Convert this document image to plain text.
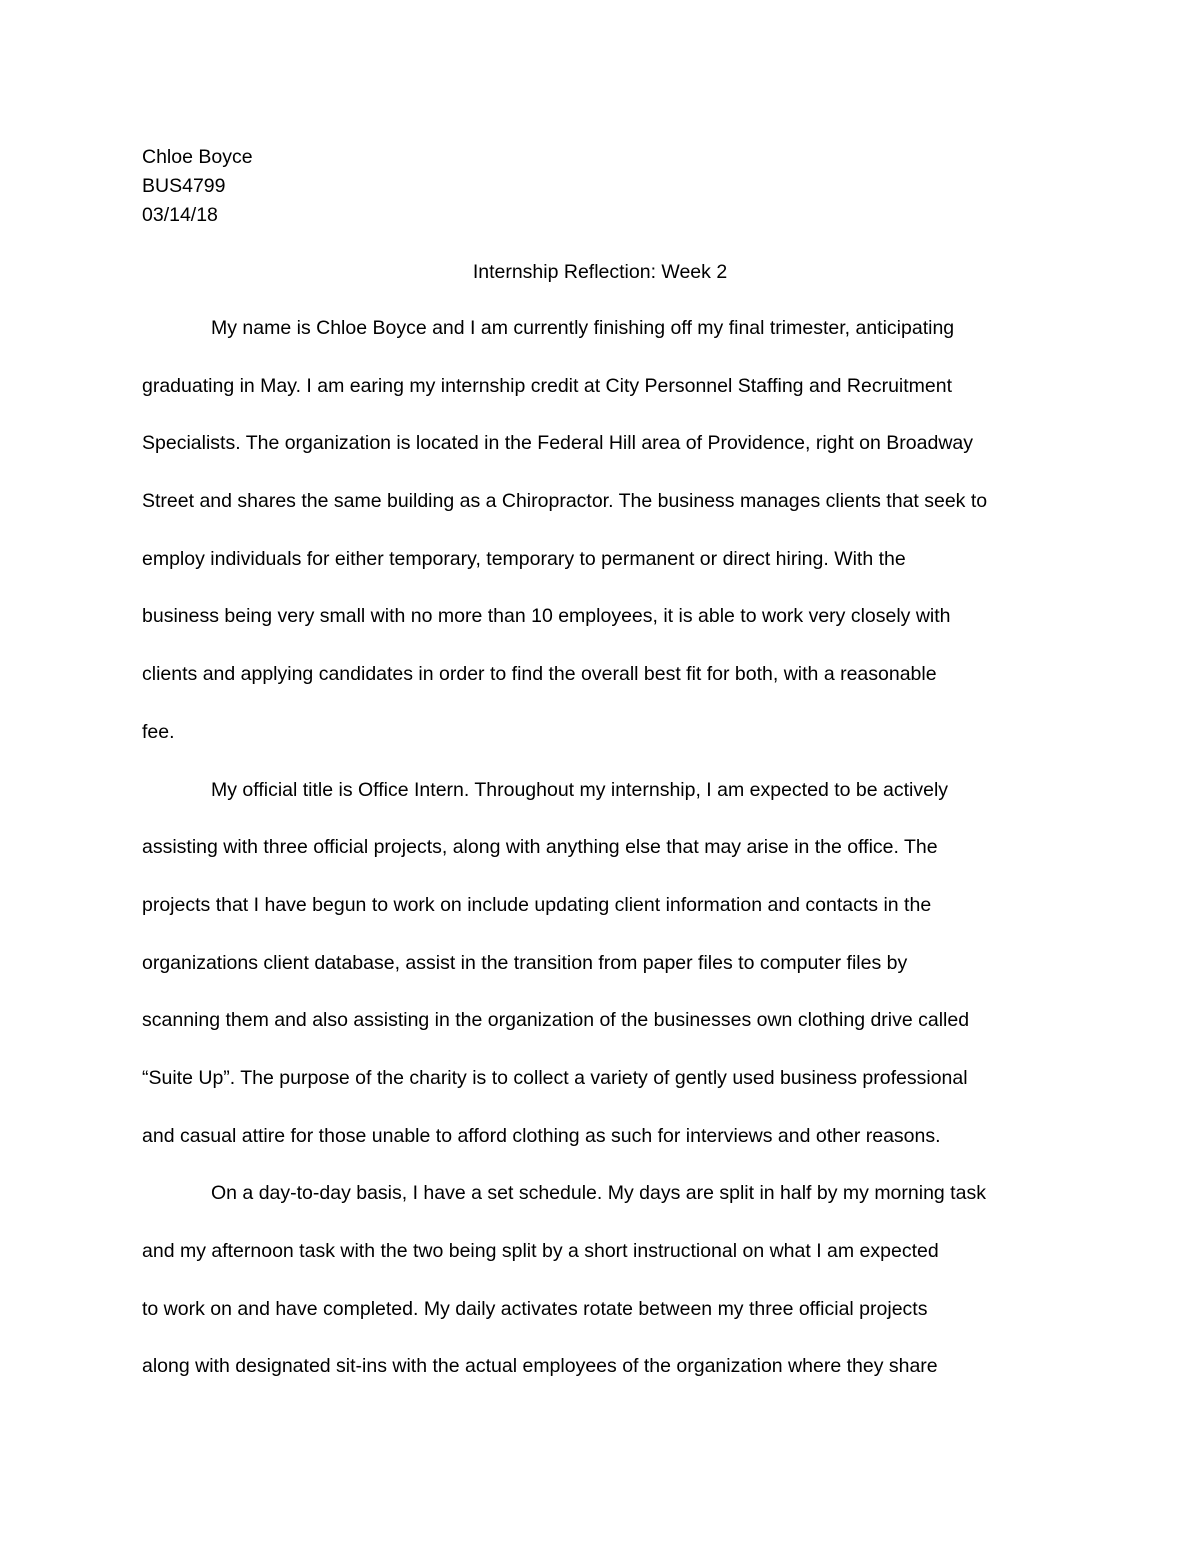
Chloe Boyce
BUS4799
03/14/18
Internship Reflection: Week 2
My name is Chloe Boyce and I am currently finishing off my final trimester, anticipating
graduating in May. I am earing my internship credit at City Personnel Staffing and Recruitment
Specialists. The organization is located in the Federal Hill area of Providence, right on Broadway
Street and shares the same building as a Chiropractor. The business manages clients that seek to
employ individuals for either temporary, temporary to permanent or direct hiring. With the
business being very small with no more than 10 employees, it is able to work very closely with
clients and applying candidates in order to find the overall best fit for both, with a reasonable
fee.
My official title is Office Intern. Throughout my internship, I am expected to be actively
assisting with three official projects, along with anything else that may arise in the office. The
projects that I have begun to work on include updating client information and contacts in the
organizations client database, assist in the transition from paper files to computer files by
scanning them and also assisting in the organization of the businesses own clothing drive called
“Suite Up”. The purpose of the charity is to collect a variety of gently used business professional
and casual attire for those unable to afford clothing as such for interviews and other reasons.
On a day-to-day basis, I have a set schedule. My days are split in half by my morning task
and my afternoon task with the two being split by a short instructional on what I am expected
to work on and have completed. My daily activates rotate between my three official projects
along with designated sit-ins with the actual employees of the organization where they share
